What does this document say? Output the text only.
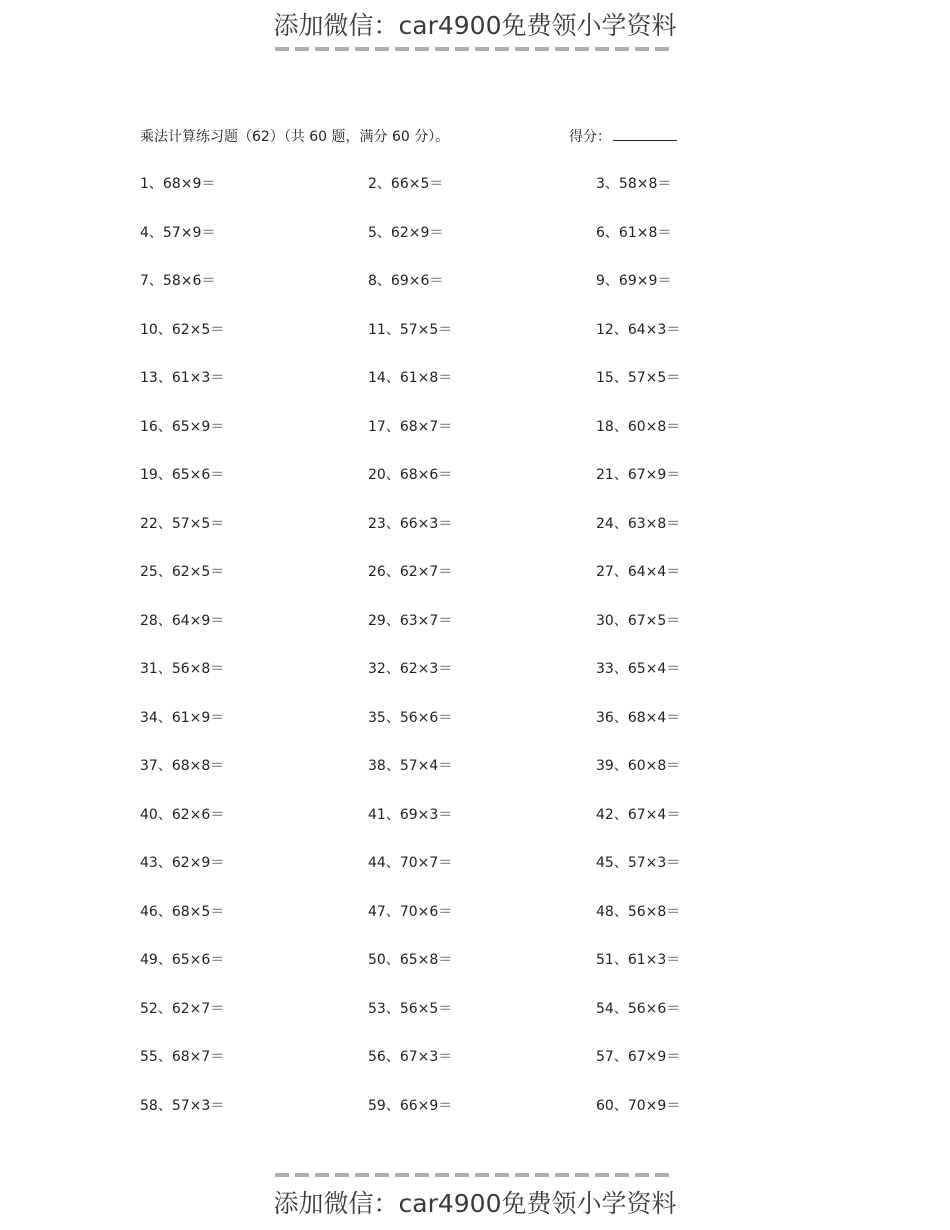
添加微信：car4900免费领小学资料
乘法计算练习题（62）（共 60 题，满分 60 分）。	得分：
1、68×9＝	2、66×5＝	3、58×8＝
4、57×9＝	5、62×9＝	6、61×8＝
7、58×6＝	8、69×6＝	9、69×9＝
10、62×5＝	11、57×5＝	12、64×3＝
13、61×3＝	14、61×8＝	15、57×5＝
16、65×9＝	17、68×7＝	18、60×8＝
19、65×6＝	20、68×6＝	21、67×9＝
22、57×5＝	23、66×3＝	24、63×8＝
25、62×5＝	26、62×7＝	27、64×4＝
28、64×9＝	29、63×7＝	30、67×5＝
31、56×8＝	32、62×3＝	33、65×4＝
34、61×9＝	35、56×6＝	36、68×4＝
37、68×8＝	38、57×4＝	39、60×8＝
40、62×6＝	41、69×3＝	42、67×4＝
43、62×9＝	44、70×7＝	45、57×3＝
46、68×5＝	47、70×6＝	48、56×8＝
49、65×6＝	50、65×8＝	51、61×3＝
52、62×7＝	53、56×5＝	54、56×6＝
55、68×7＝	56、67×3＝	57、67×9＝
58、57×3＝	59、66×9＝	60、70×9＝
添加微信：car4900免费领小学资料
